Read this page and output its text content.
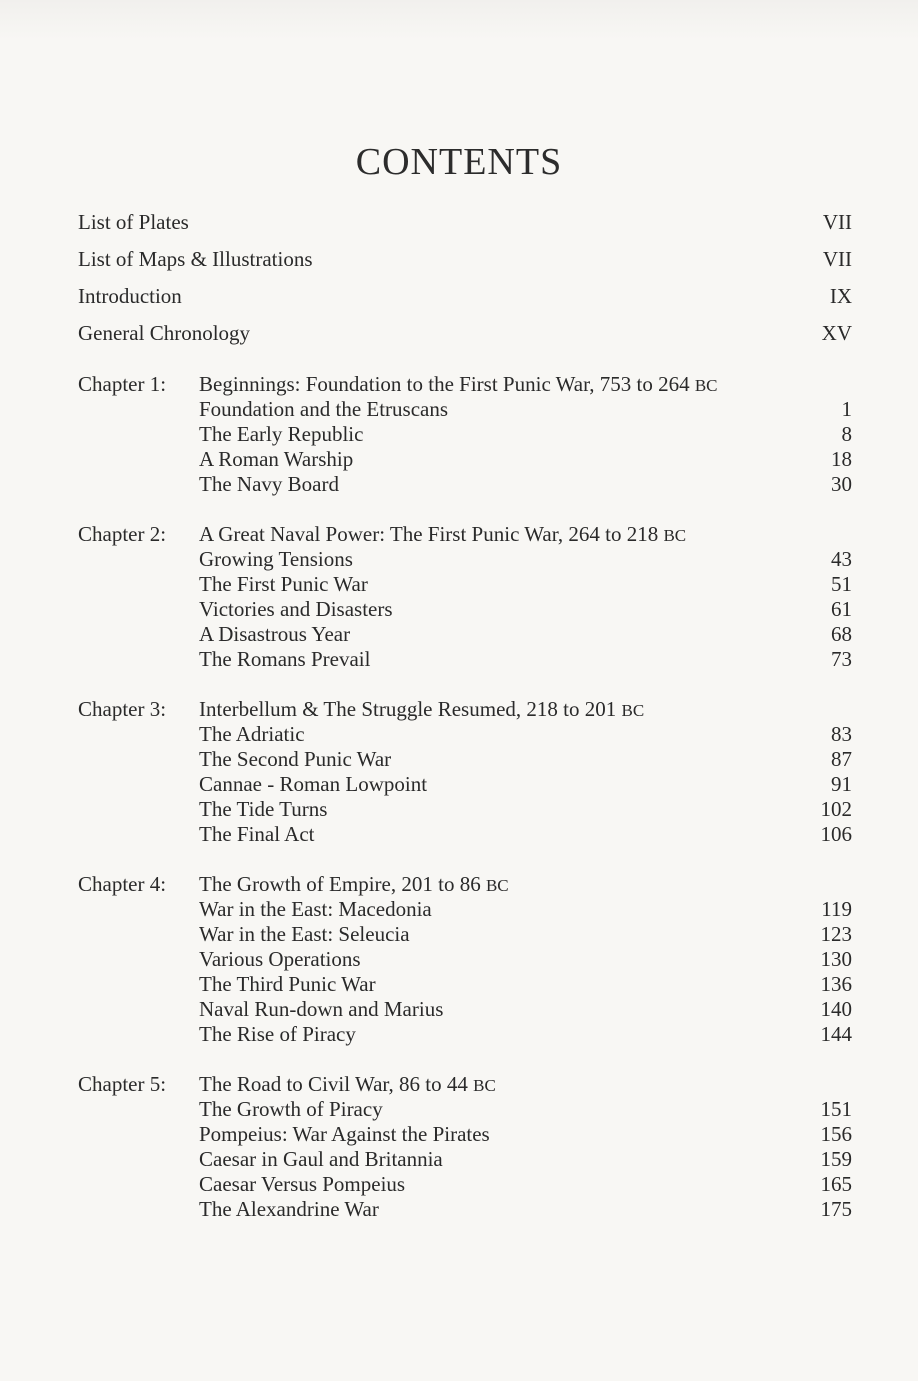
CONTENTS
List of Plates	VII
List of Maps & Illustrations	VII
Introduction	IX
General Chronology	XV
Chapter 1:	Beginnings: Foundation to the First Punic War, 753 to 264 BC
Foundation and the Etruscans	1
The Early Republic	8
A Roman Warship	18
The Navy Board	30
Chapter 2:	A Great Naval Power: The First Punic War, 264 to 218 BC
Growing Tensions	43
The First Punic War	51
Victories and Disasters	61
A Disastrous Year	68
The Romans Prevail	73
Chapter 3:	Interbellum & The Struggle Resumed, 218 to 201 BC
The Adriatic	83
The Second Punic War	87
Cannae - Roman Lowpoint	91
The Tide Turns	102
The Final Act	106
Chapter 4:	The Growth of Empire, 201 to 86 BC
War in the East: Macedonia	119
War in the East: Seleucia	123
Various Operations	130
The Third Punic War	136
Naval Run-down and Marius	140
The Rise of Piracy	144
Chapter 5:	The Road to Civil War, 86 to 44 BC
The Growth of Piracy	151
Pompeius: War Against the Pirates	156
Caesar in Gaul and Britannia	159
Caesar Versus Pompeius	165
The Alexandrine War	175
